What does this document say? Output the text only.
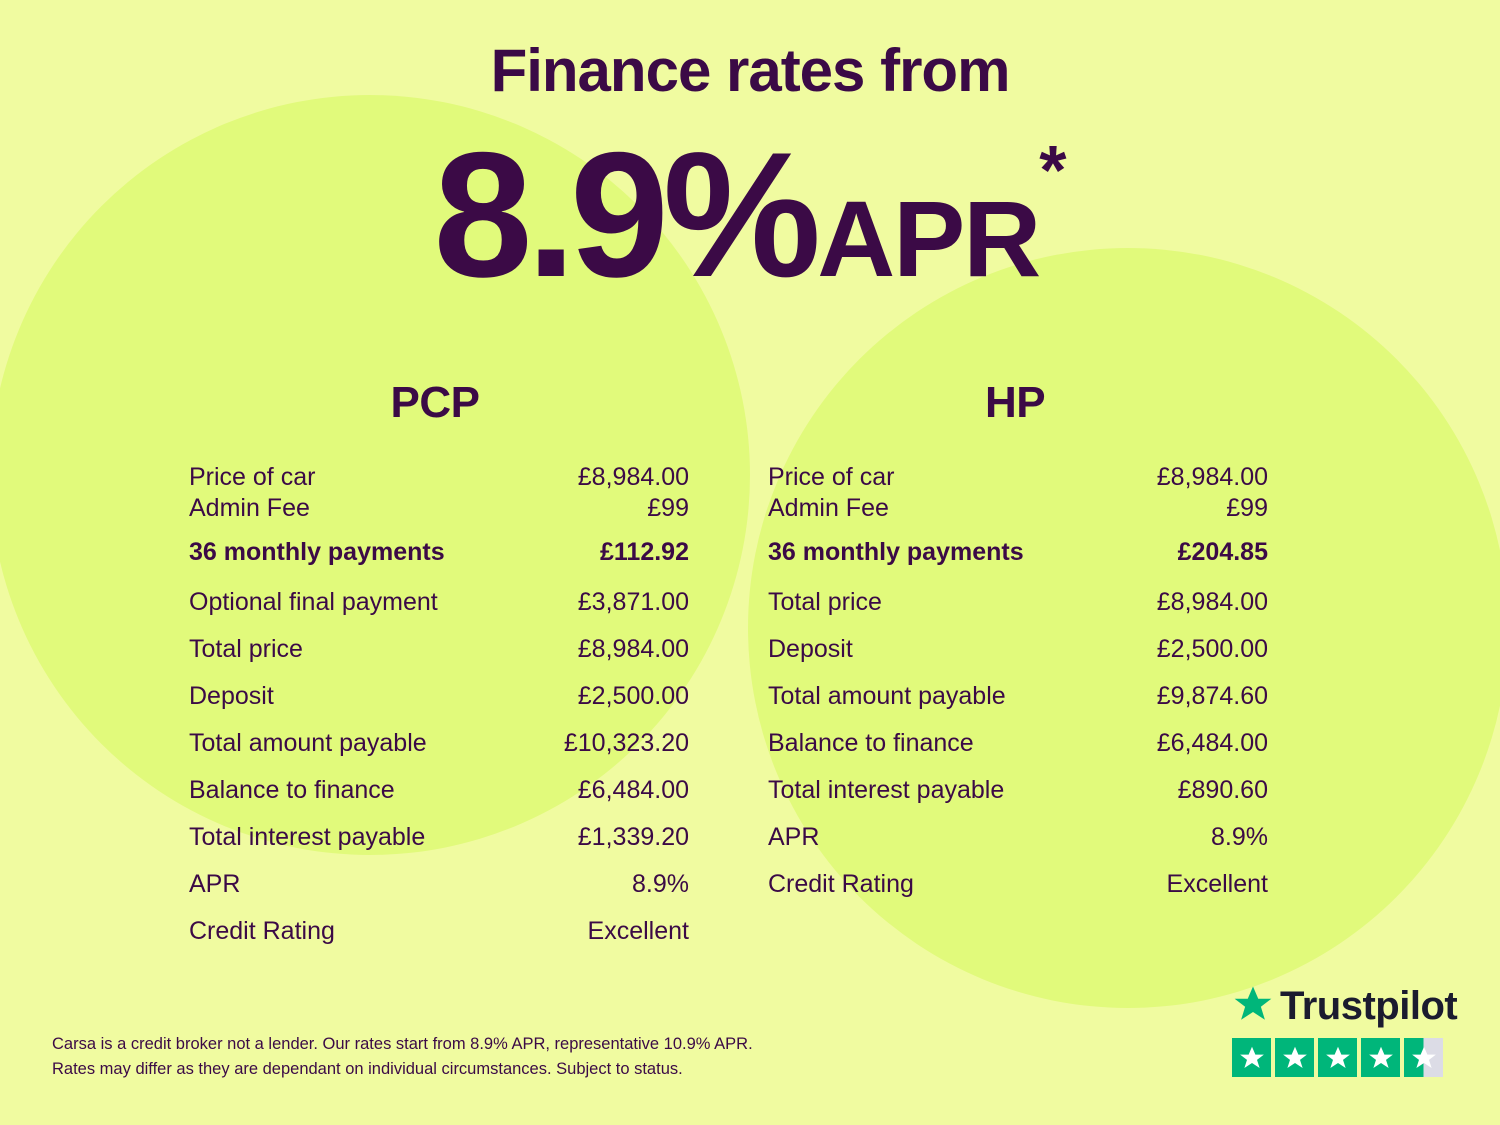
Finance rates from
8.9%APR*
PCP
Price of car	£8,984.00
Admin Fee	£99
36 monthly payments	£112.92
Optional final payment	£3,871.00
Total price	£8,984.00
Deposit	£2,500.00
Total amount payable	£10,323.20
Balance to finance	£6,484.00
Total interest payable	£1,339.20
APR	8.9%
Credit Rating	Excellent
HP
Price of car	£8,984.00
Admin Fee	£99
36 monthly payments	£204.85
Total price	£8,984.00
Deposit	£2,500.00
Total amount payable	£9,874.60
Balance to finance	£6,484.00
Total interest payable	£890.60
APR	8.9%
Credit Rating	Excellent
Carsa is a credit broker not a lender. Our rates start from 8.9% APR, representative 10.9% APR.
Rates may differ as they are dependant on individual circumstances. Subject to status.
Trustpilot
